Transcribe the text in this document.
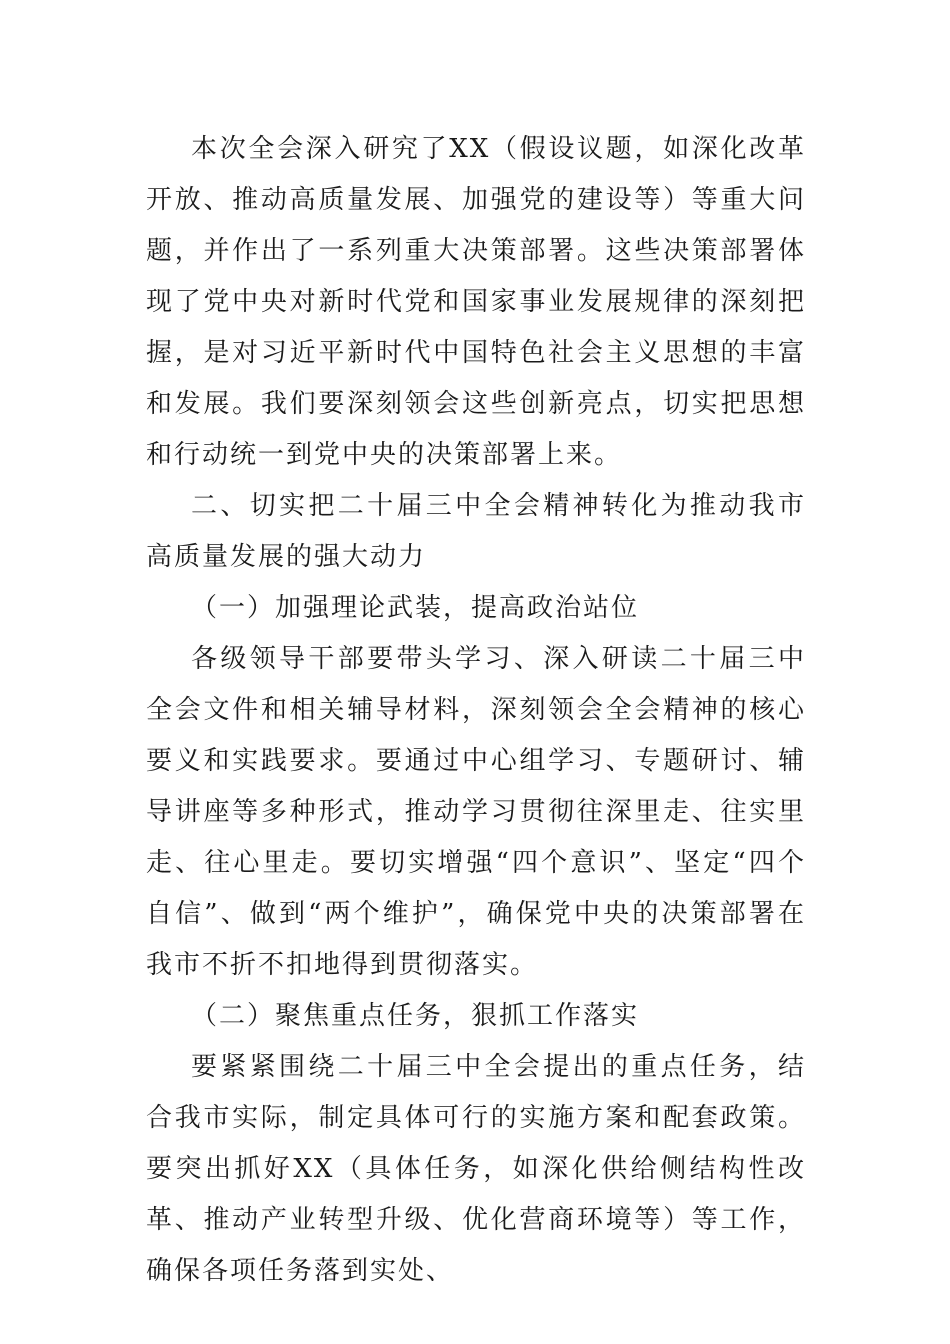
本次全会深入研究了XX（假设议题，如深化改革开放、推动高质量发展、加强党的建设等）等重大问题，并作出了一系列重大决策部署。这些决策部署体现了党中央对新时代党和国家事业发展规律的深刻把握，是对习近平新时代中国特色社会主义思想的丰富和发展。我们要深刻领会这些创新亮点，切实把思想和行动统一到党中央的决策部署上来。

二、切实把二十届三中全会精神转化为推动我市高质量发展的强大动力

（一）加强理论武装，提高政治站位

各级领导干部要带头学习、深入研读二十届三中全会文件和相关辅导材料，深刻领会全会精神的核心要义和实践要求。要通过中心组学习、专题研讨、辅导讲座等多种形式，推动学习贯彻往深里走、往实里走、往心里走。要切实增强“四个意识”、坚定“四个自信”、做到“两个维护”，确保党中央的决策部署在我市不折不扣地得到贯彻落实。

（二）聚焦重点任务，狠抓工作落实

要紧紧围绕二十届三中全会提出的重点任务，结合我市实际，制定具体可行的实施方案和配套政策。要突出抓好XX（具体任务，如深化供给侧结构性改革、推动产业转型升级、优化营商环境等）等工作，确保各项任务落到实处、
